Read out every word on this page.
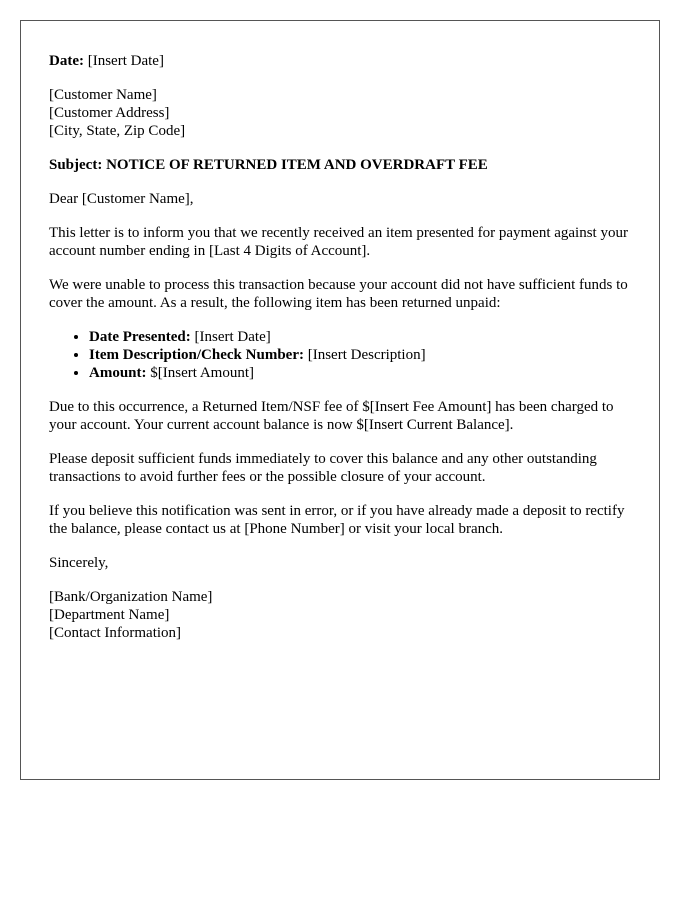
Date: [Insert Date]

[Customer Name]
[Customer Address]
[City, State, Zip Code]

Subject: NOTICE OF RETURNED ITEM AND OVERDRAFT FEE

Dear [Customer Name],

This letter is to inform you that we recently received an item presented for payment against your account number ending in [Last 4 Digits of Account].

We were unable to process this transaction because your account did not have sufficient funds to cover the amount. As a result, the following item has been returned unpaid:

• Date Presented: [Insert Date]
• Item Description/Check Number: [Insert Description]
• Amount: $[Insert Amount]

Due to this occurrence, a Returned Item/NSF fee of $[Insert Fee Amount] has been charged to your account. Your current account balance is now $[Insert Current Balance].

Please deposit sufficient funds immediately to cover this balance and any other outstanding transactions to avoid further fees or the possible closure of your account.

If you believe this notification was sent in error, or if you have already made a deposit to rectify the balance, please contact us at [Phone Number] or visit your local branch.

Sincerely,

[Bank/Organization Name]
[Department Name]
[Contact Information]
